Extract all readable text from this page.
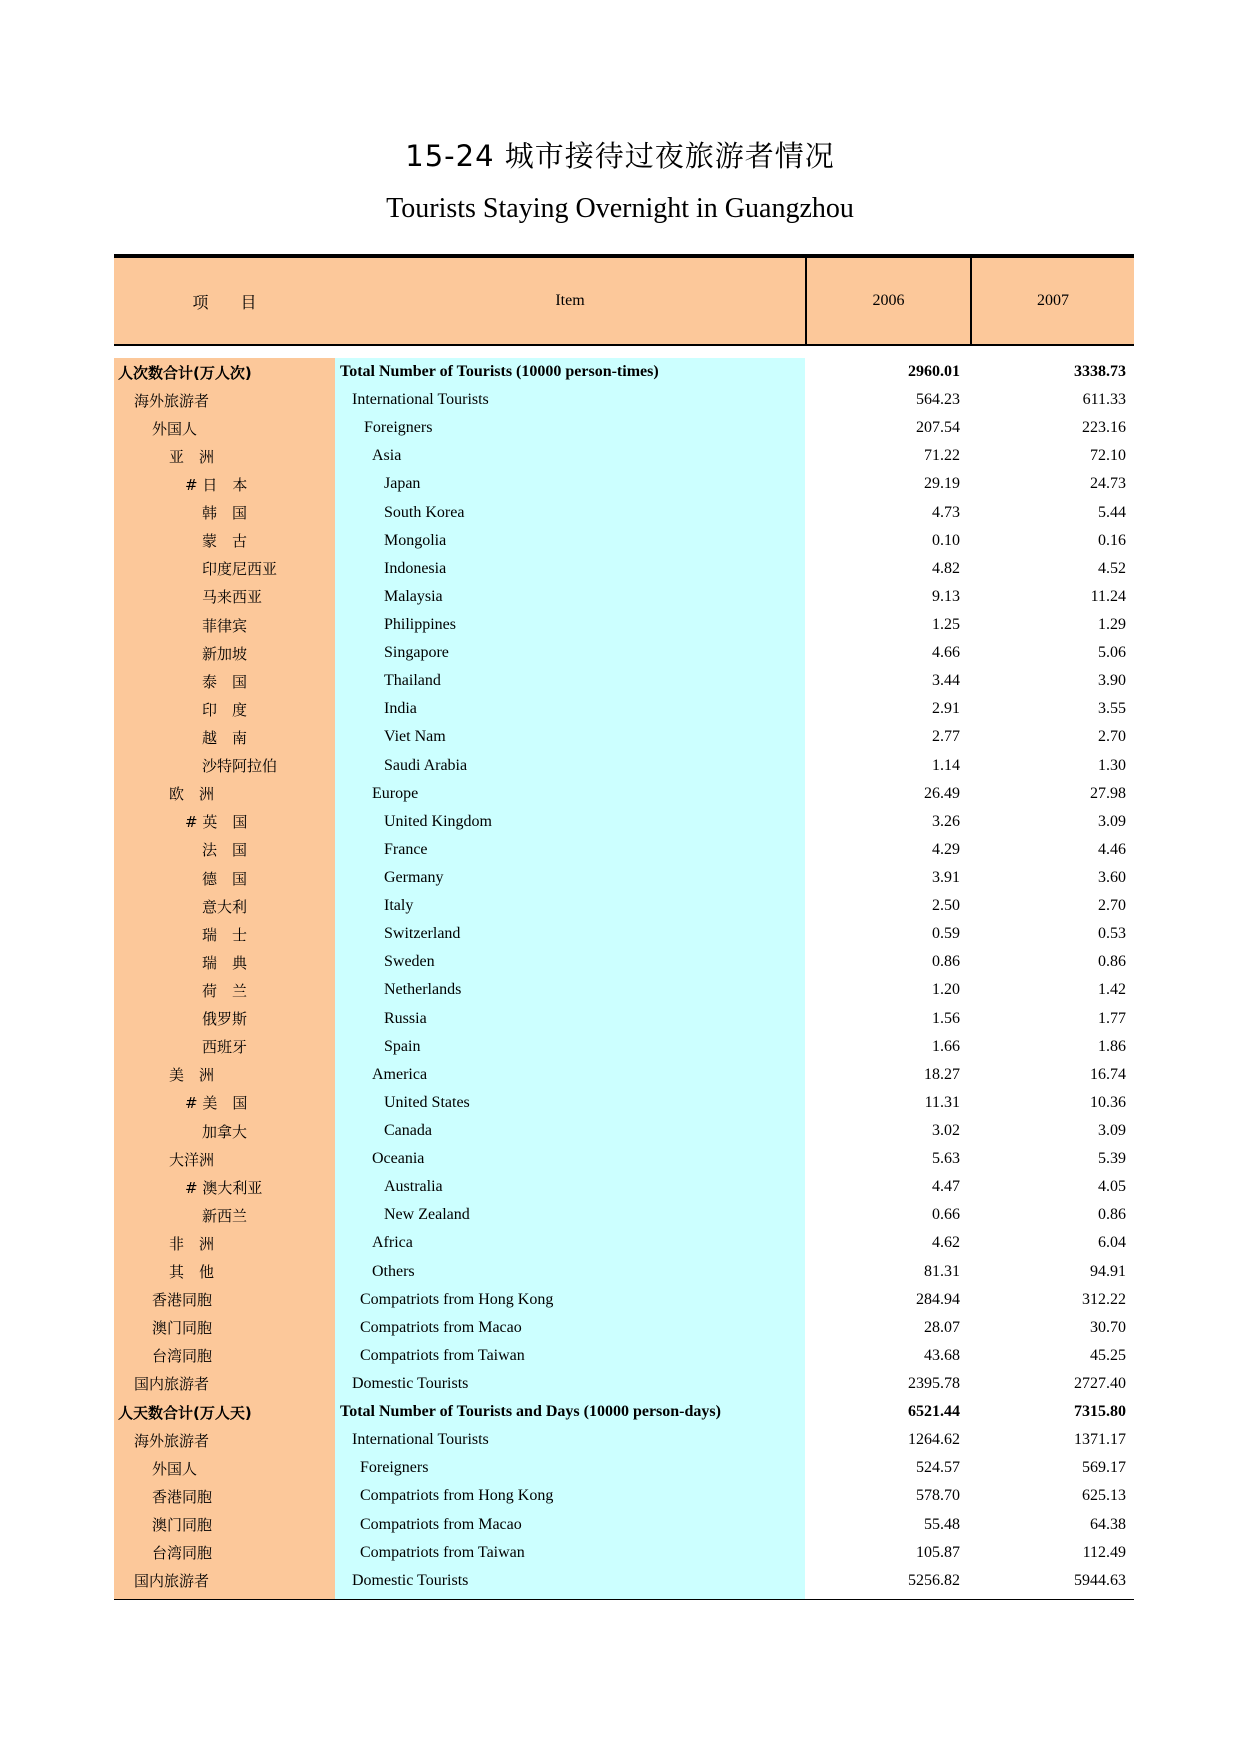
15-24 城市接待过夜旅游者情况
Tourists Staying Overnight in Guangzhou
项　　目	Item	2006	2007
人次数合计(万人次)	Total Number of Tourists (10000 person-times)	2960.01	3338.73
海外旅游者	International Tourists	564.23	611.33
外国人	Foreigners	207.54	223.16
亚　洲	Asia	71.22	72.10
# 日　本	Japan	29.19	24.73
韩　国	South Korea	4.73	5.44
蒙　古	Mongolia	0.10	0.16
印度尼西亚	Indonesia	4.82	4.52
马来西亚	Malaysia	9.13	11.24
菲律宾	Philippines	1.25	1.29
新加坡	Singapore	4.66	5.06
泰　国	Thailand	3.44	3.90
印　度	India	2.91	3.55
越　南	Viet Nam	2.77	2.70
沙特阿拉伯	Saudi Arabia	1.14	1.30
欧　洲	Europe	26.49	27.98
# 英　国	United Kingdom	3.26	3.09
法　国	France	4.29	4.46
德　国	Germany	3.91	3.60
意大利	Italy	2.50	2.70
瑞　士	Switzerland	0.59	0.53
瑞　典	Sweden	0.86	0.86
荷　兰	Netherlands	1.20	1.42
俄罗斯	Russia	1.56	1.77
西班牙	Spain	1.66	1.86
美　洲	America	18.27	16.74
# 美　国	United States	11.31	10.36
加拿大	Canada	3.02	3.09
大洋洲	Oceania	5.63	5.39
# 澳大利亚	Australia	4.47	4.05
新西兰	New Zealand	0.66	0.86
非　洲	Africa	4.62	6.04
其　他	Others	81.31	94.91
香港同胞	Compatriots from Hong Kong	284.94	312.22
澳门同胞	Compatriots from Macao	28.07	30.70
台湾同胞	Compatriots from Taiwan	43.68	45.25
国内旅游者	Domestic Tourists	2395.78	2727.40
人天数合计(万人天)	Total Number of Tourists and Days (10000 person-days)	6521.44	7315.80
海外旅游者	International Tourists	1264.62	1371.17
外国人	Foreigners	524.57	569.17
香港同胞	Compatriots from Hong Kong	578.70	625.13
澳门同胞	Compatriots from Macao	55.48	64.38
台湾同胞	Compatriots from Taiwan	105.87	112.49
国内旅游者	Domestic Tourists	5256.82	5944.63
